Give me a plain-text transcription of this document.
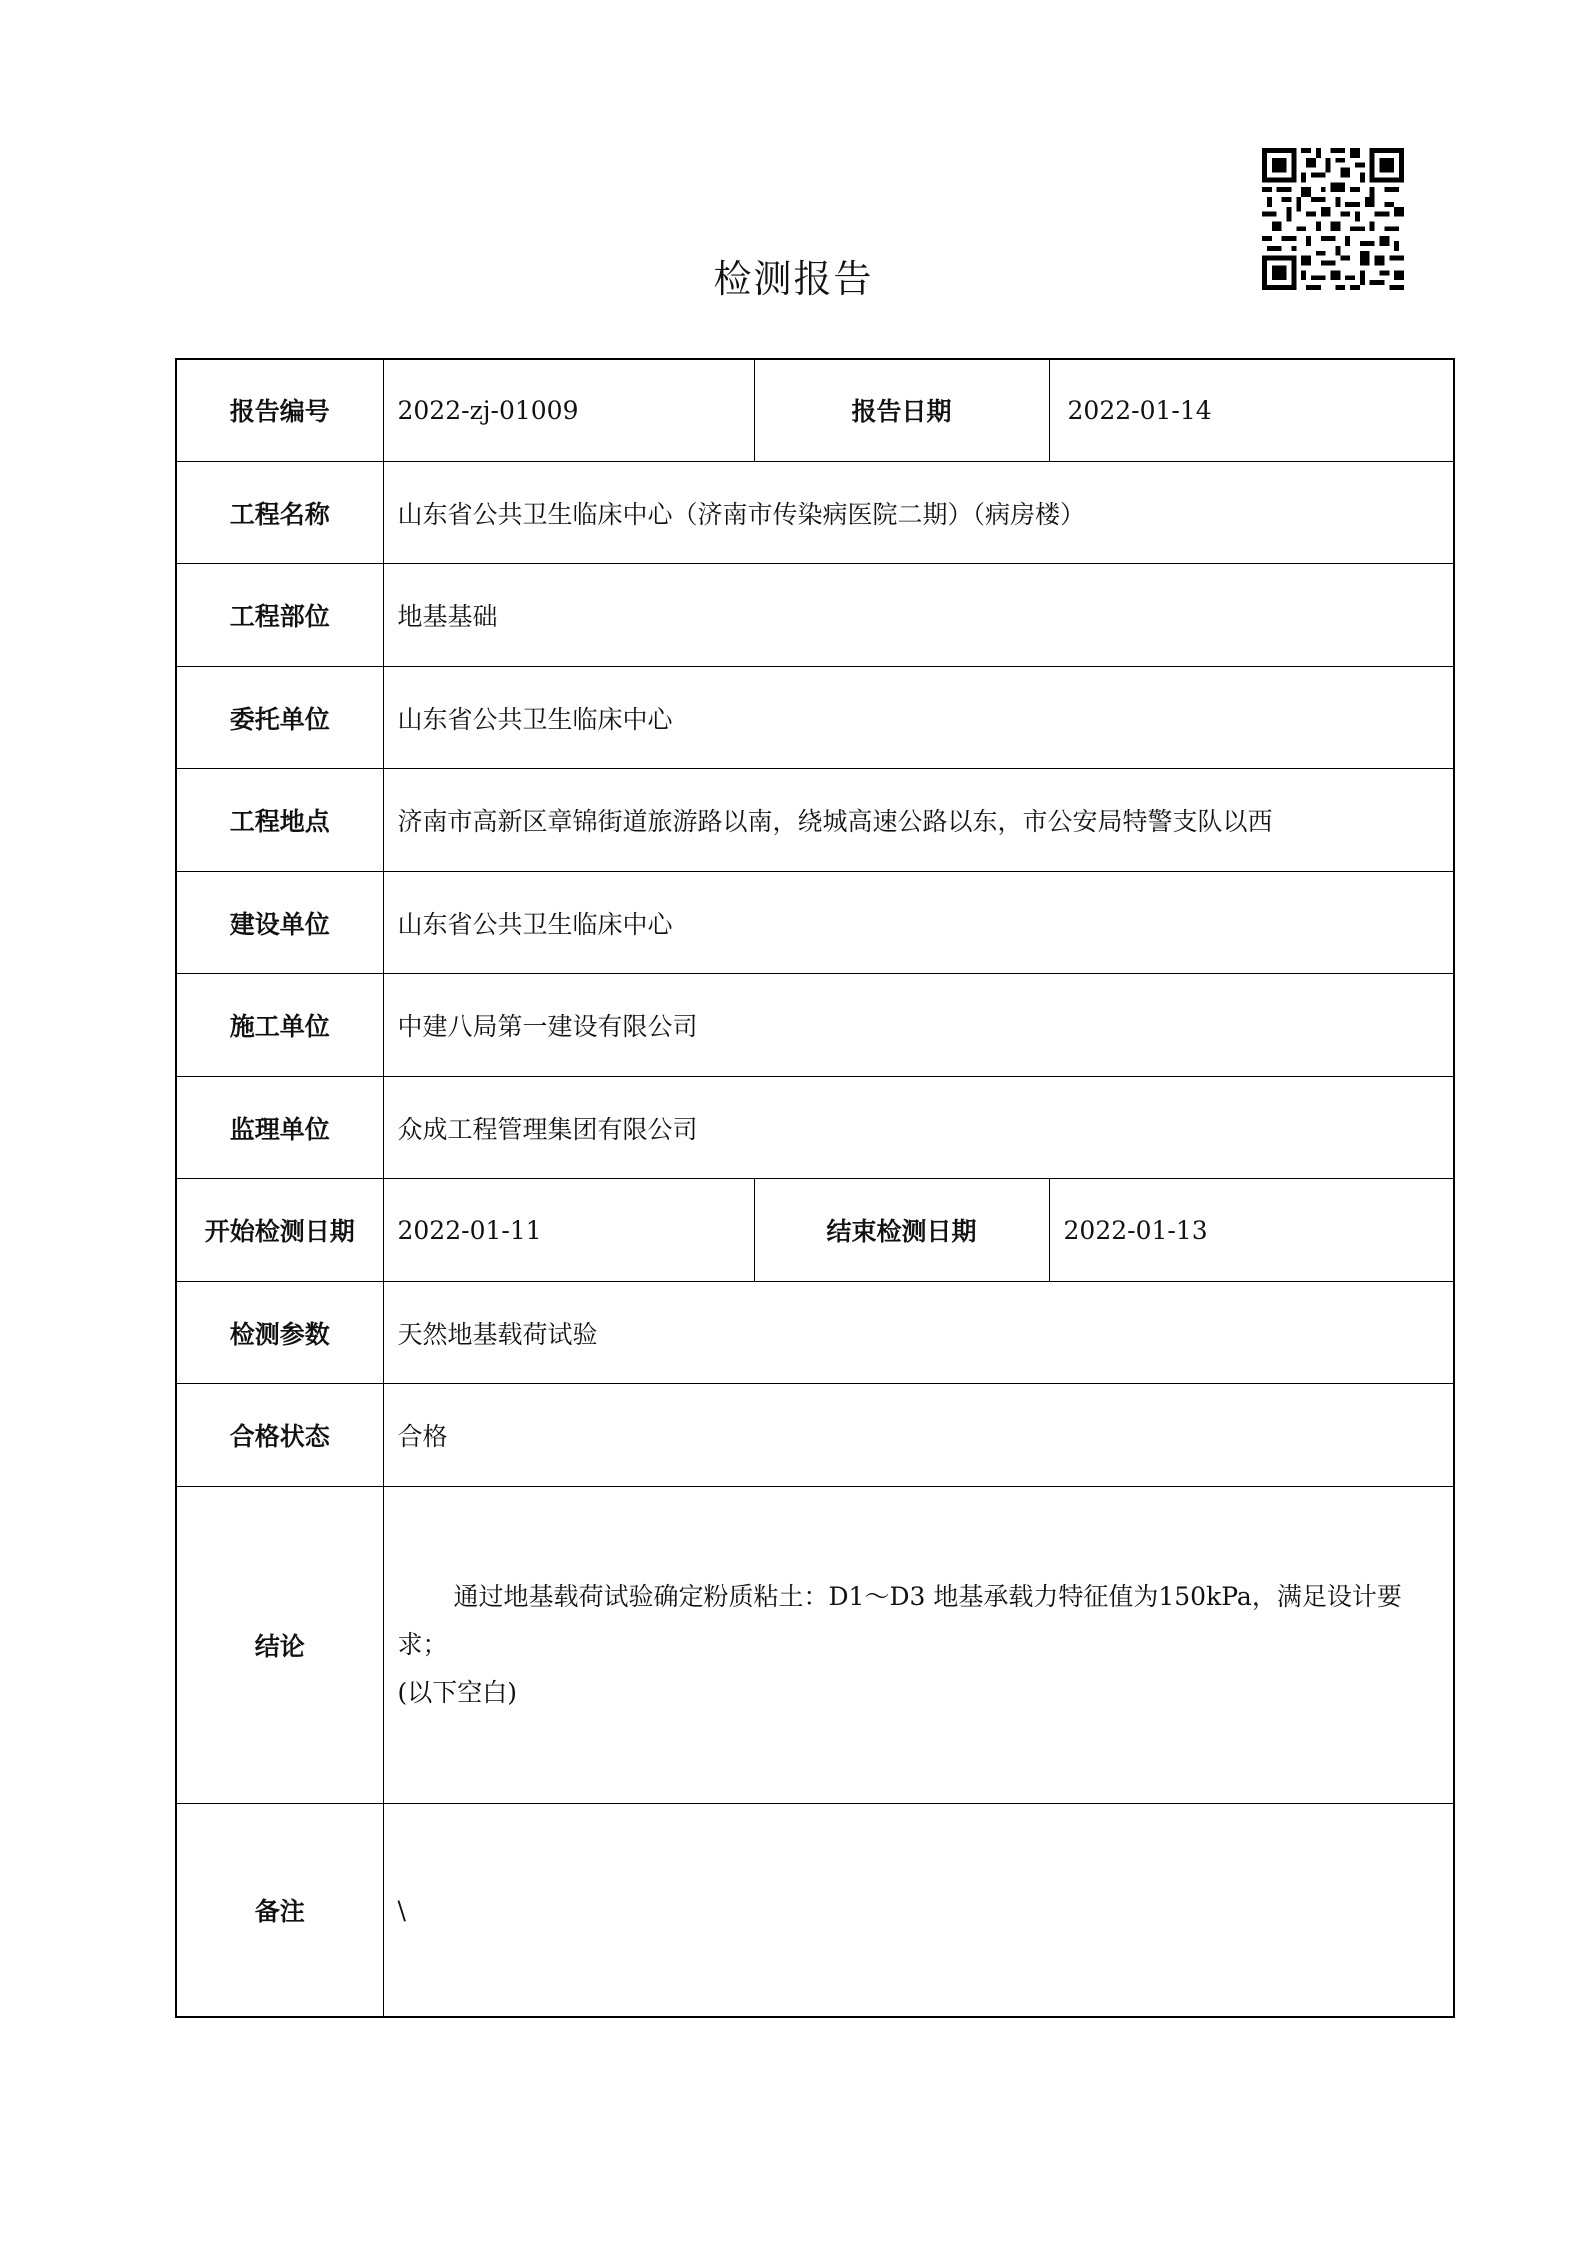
检测报告
报告编号	2022-zj-01009	报告日期	2022-01-14
工程名称	山东省公共卫生临床中心（济南市传染病医院二期）（病房楼）		
工程部位	地基基础		
委托单位	山东省公共卫生临床中心		
工程地点	济南市高新区章锦街道旅游路以南，绕城高速公路以东，市公安局特警支队以西		
建设单位	山东省公共卫生临床中心		
施工单位	中建八局第一建设有限公司		
监理单位	众成工程管理集团有限公司		
开始检测日期	2022-01-11	结束检测日期	2022-01-13
检测参数	天然地基载荷试验		
合格状态	合格		
结论	通过地基载荷试验确定粉质粘土：D1～D3 地基承载力特征值为150kPa，满足设计要求；
(以下空白)		

备注	\		
